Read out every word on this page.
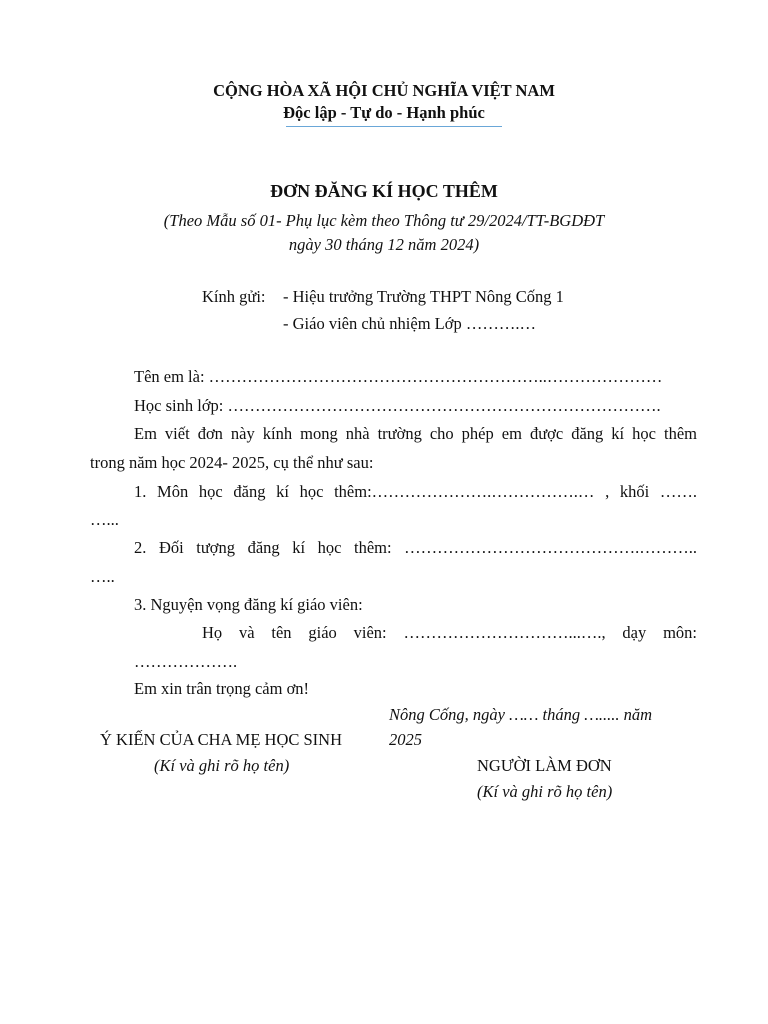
CỘNG HÒA XÃ HỘI CHỦ NGHĨA VIỆT NAM
Độc lập - Tự do - Hạnh phúc
ĐƠN ĐĂNG KÍ HỌC THÊM
(Theo Mẫu số 01- Phụ lục kèm theo Thông tư 29/2024/TT-BGDĐT
ngày 30 tháng 12 năm 2024)
Kính gửi: - Hiệu trưởng Trường THPT Nông Cống 1
- Giáo viên chủ nhiệm Lớp ……….…
Tên em là: ……………………………………………………..…………………
Học sinh lớp: …………………………………………………………………….
Em viết đơn này kính mong nhà trường cho phép em được đăng kí học thêm
trong năm học 2024- 2025, cụ thể như sau:
1. Môn học đăng kí học thêm:………………….…………….… , khối …….
…...
2. Đối tượng đăng kí học thêm: …………………………………….………..
…..
3. Nguyện vọng đăng kí giáo viên:
Họ và tên giáo viên: …………………………...…., dạy môn:
……………….
Em xin trân trọng cảm ơn!
Nông Cống, ngày …… tháng …..... năm
2025
Ý KIẾN CỦA CHA MẸ HỌC SINH
(Kí và ghi rõ họ tên)	NGƯỜI LÀM ĐƠN
(Kí và ghi rõ họ tên)
